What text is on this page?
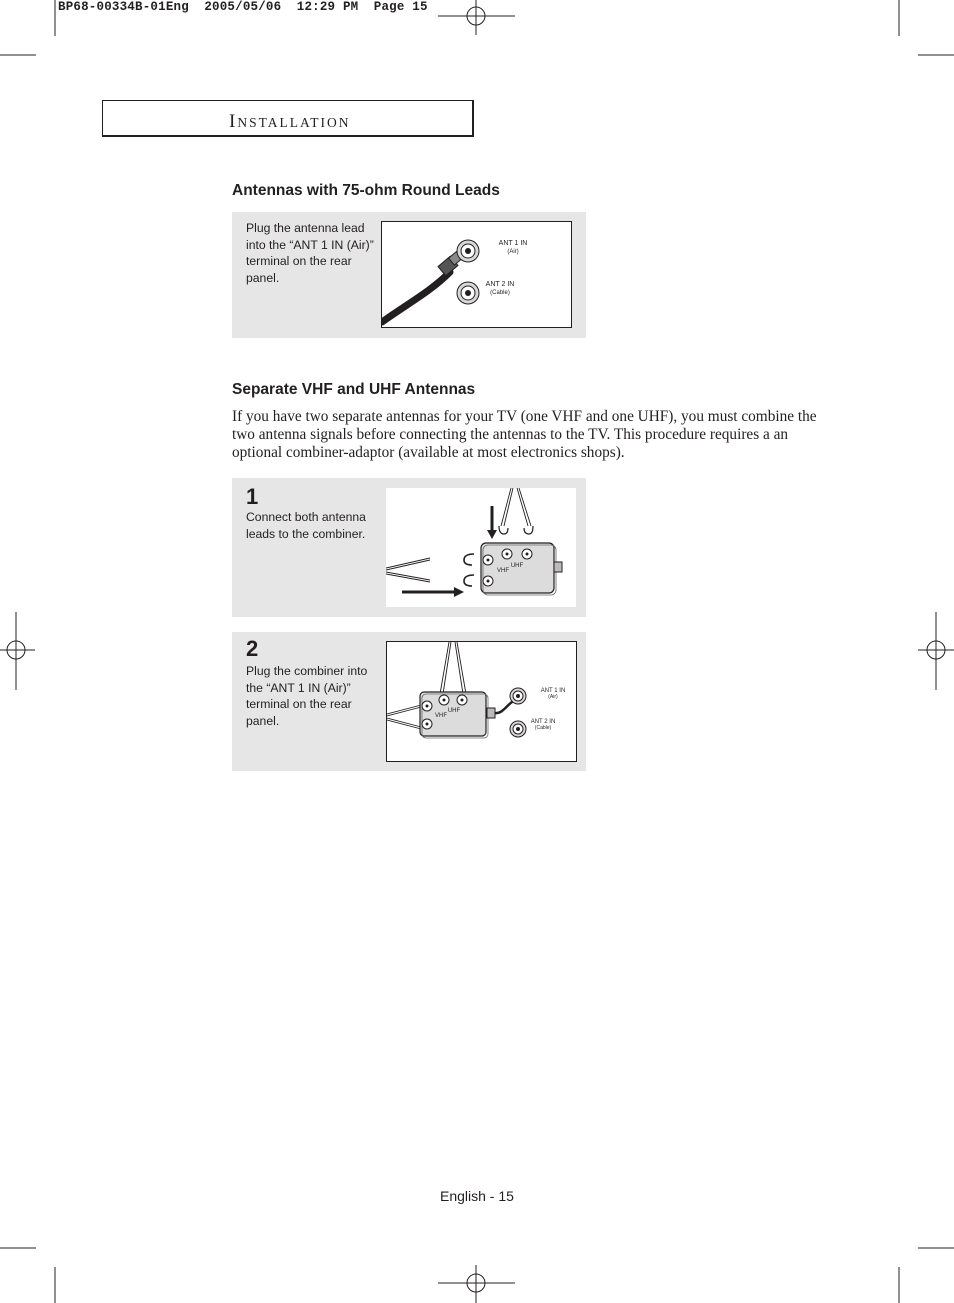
BP68-00334B-01Eng  2005/05/06  12:29 PM  Page 15
INSTALLATION
Antennas with 75-ohm Round Leads
Plug the antenna lead into the “ANT 1 IN (Air)” terminal on the rear panel.
ANT 1 IN
(Air)
ANT 2 IN
(Cable)
Separate VHF and UHF Antennas
If you have two separate antennas for your TV (one VHF and one UHF), you must combine the two antenna signals before connecting the antennas to the TV. This procedure requires a an optional combiner-adaptor (available at most electronics shops).
1
Connect both antenna leads to the combiner.
UHF
VHF
2
Plug the combiner into the “ANT 1 IN (Air)” terminal on the rear panel.
UHF
VHF
ANT 1 IN
(Air)
ANT 2 IN
(Cable)
English - 15
